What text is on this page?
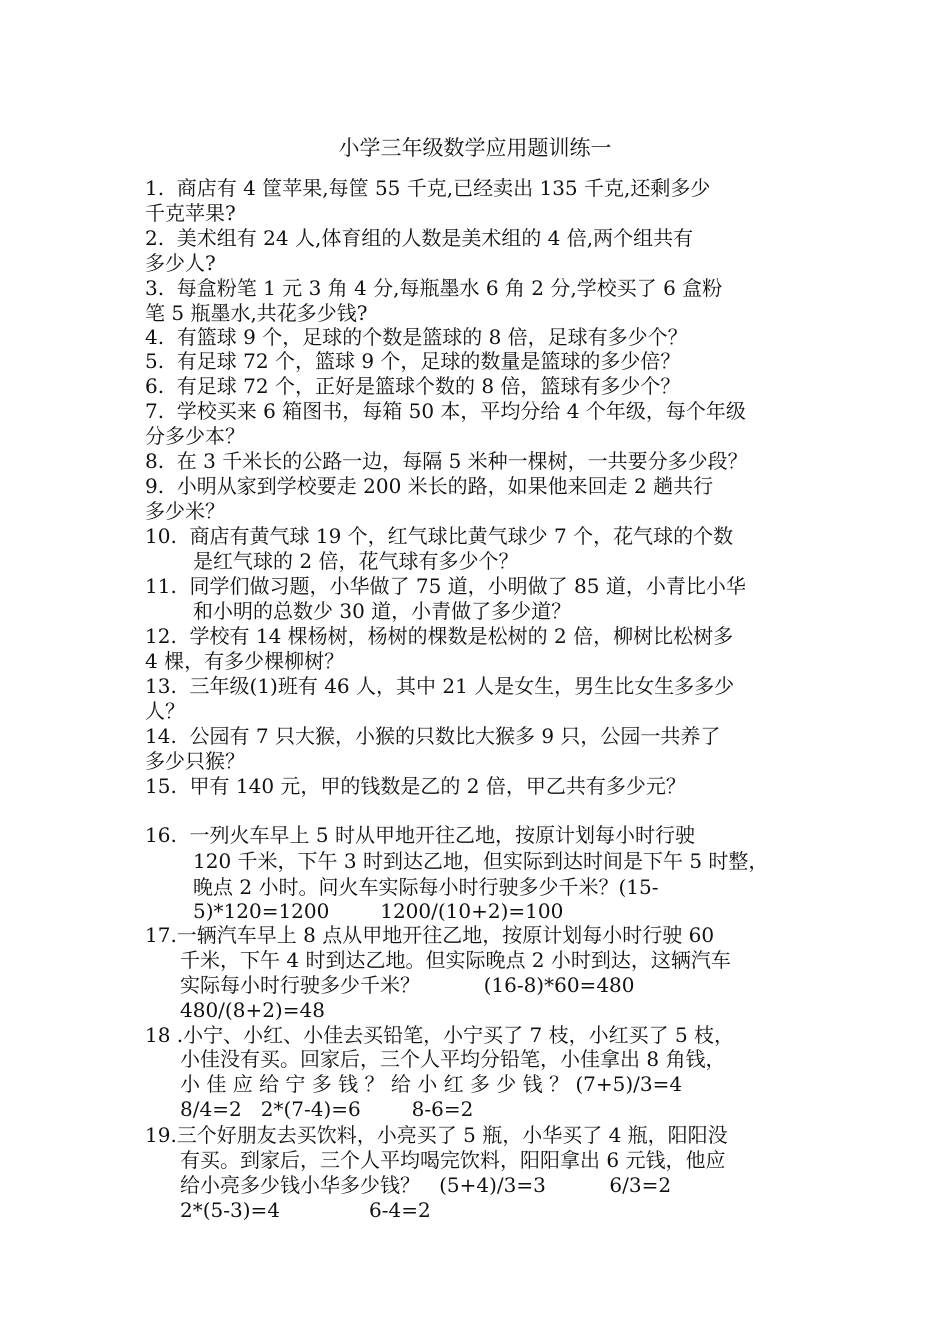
小学三年级数学应用题训练一
1.  商店有 4 筐苹果,每筐 55 千克,已经卖出 135 千克,还剩多少
千克苹果?
2.  美术组有 24 人,体育组的人数是美术组的 4 倍,两个组共有
多少人?
3.  每盒粉笔 1 元 3 角 4 分,每瓶墨水 6 角 2 分,学校买了 6 盒粉
笔 5 瓶墨水,共花多少钱?
4.  有篮球 9 个，足球的个数是篮球的 8 倍，足球有多少个？
5.  有足球 72 个，篮球 9 个，足球的数量是篮球的多少倍？
6.  有足球 72 个，正好是篮球个数的 8 倍，篮球有多少个？
7.  学校买来 6 箱图书，每箱 50 本，平均分给 4 个年级，每个年级
分多少本？
8.  在 3 千米长的公路一边，每隔 5 米种一棵树，一共要分多少段？
9.  小明从家到学校要走 200 米长的路，如果他来回走 2 趟共行
多少米？
10.  商店有黄气球 19 个，红气球比黄气球少 7 个，花气球的个数
是红气球的 2 倍，花气球有多少个？
11.  同学们做习题，小华做了 75 道，小明做了 85 道，小青比小华
和小明的总数少 30 道，小青做了多少道？
12.  学校有 14 棵杨树，杨树的棵数是松树的 2 倍，柳树比松树多
4 棵，有多少棵柳树？
13.  三年级(1)班有 46 人，其中 21 人是女生，男生比女生多多少
人？
14.  公园有 7 只大猴，小猴的只数比大猴多 9 只，公园一共养了
多少只猴？
15.  甲有 140 元，甲的钱数是乙的 2 倍，甲乙共有多少元？
16.  一列火车早上 5 时从甲地开往乙地，按原计划每小时行驶
120 千米，下午 3 时到达乙地，但实际到达时间是下午 5 时整，
晚点 2 小时。问火车实际每小时行驶多少千米？(15-
5)*120=1200        1200/(10+2)=100
17.一辆汽车早上 8 点从甲地开往乙地，按原计划每小时行驶 60
千米，下午 4 时到达乙地。但实际晚点 2 小时到达，这辆汽车
实际每小时行驶多少千米？          (16-8)*60=480
480/(8+2)=48
18 .小宁、小红、小佳去买铅笔，小宁买了 7 枝，小红买了 5 枝，
小佳没有买。回家后，三个人平均分铅笔，小佳拿出 8 角钱，
小 佳 应 给 宁 多 钱 ？ 给 小 红 多 少 钱 ？ (7+5)/3=4
8/4=2   2*(7-4)=6        8-6=2
19.三个好朋友去买饮料，小亮买了 5 瓶，小华买了 4 瓶，阳阳没
有买。到家后，三个人平均喝完饮料，阳阳拿出 6 元钱，他应
给小亮多少钱小华多少钱？   (5+4)/3=3          6/3=2
2*(5-3)=4              6-4=2
